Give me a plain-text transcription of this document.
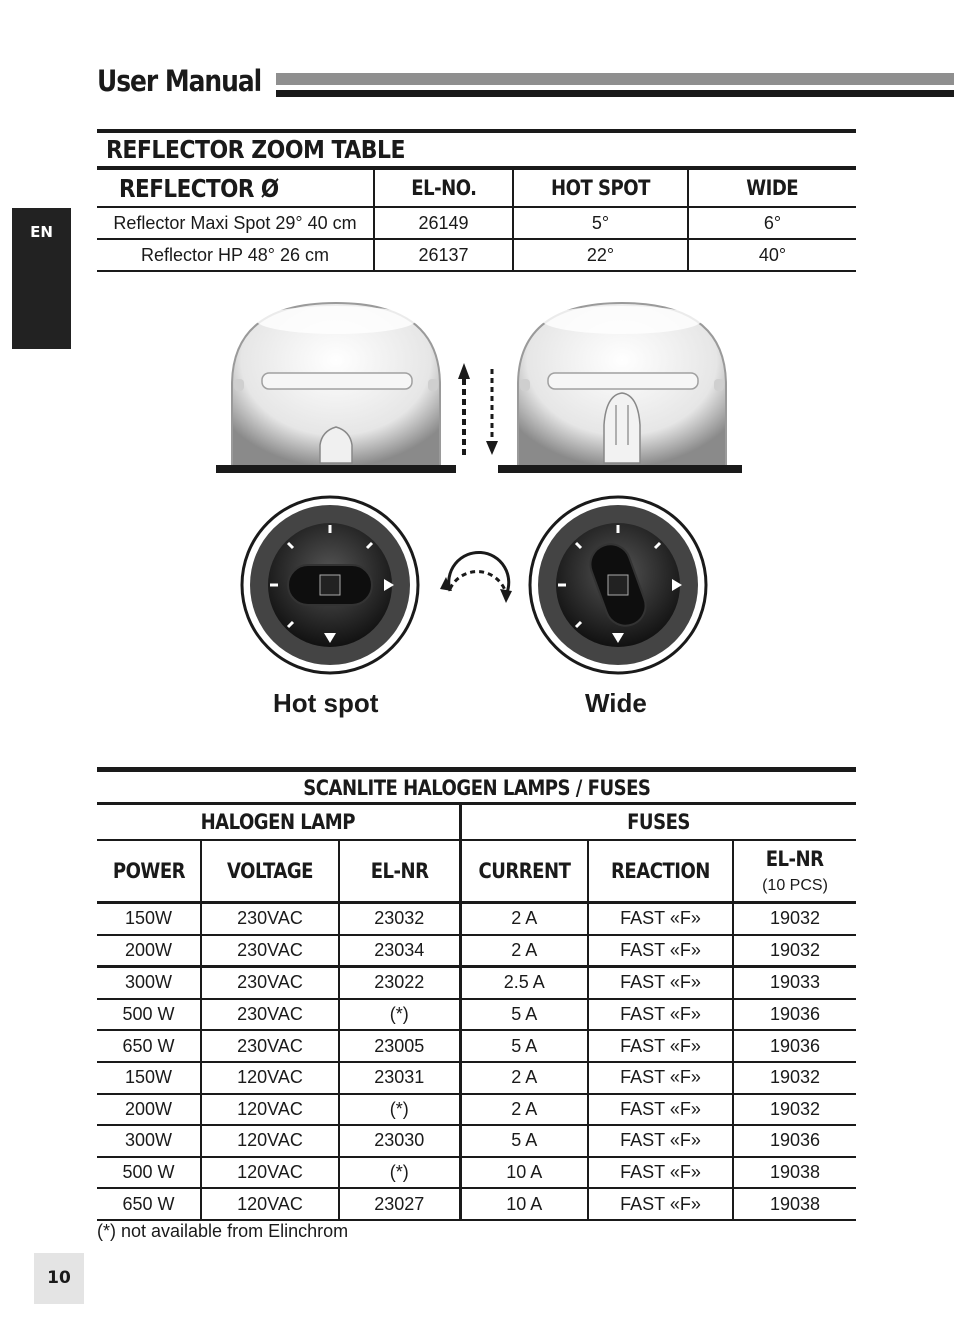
User Manual
EN
REFLECTOR ZOOM TABLE
REFLECTOR Ø	EL-NO.	HOT SPOT	WIDE
Reflector Maxi Spot 29° 40 cm	26149	5°	6°
Reflector HP 48° 26 cm	26137	22°	40°
Hot spot	Wide
SCANLITE HALOGEN LAMPS / FUSES
HALOGEN LAMP			FUSES		
POWER	VOLTAGE	EL-NR	CURRENT	REACTION	EL-NR
(10 PCS)

150W	230VAC	23032	2 A	FAST «F»	19032
200W	230VAC	23034	2 A	FAST «F»	19032
300W	230VAC	23022	2.5 A	FAST «F»	19033
500 W	230VAC	(*)	5 A	FAST «F»	19036
650 W	230VAC	23005	5 A	FAST «F»	19036
150W	120VAC	23031	2 A	FAST «F»	19032
200W	120VAC	(*)	2 A	FAST «F»	19032
300W	120VAC	23030	5 A	FAST «F»	19036
500 W	120VAC	(*)	10 A	FAST «F»	19038
650 W	120VAC	23027	10 A	FAST «F»	19038
(*) not available from Elinchrom
10
